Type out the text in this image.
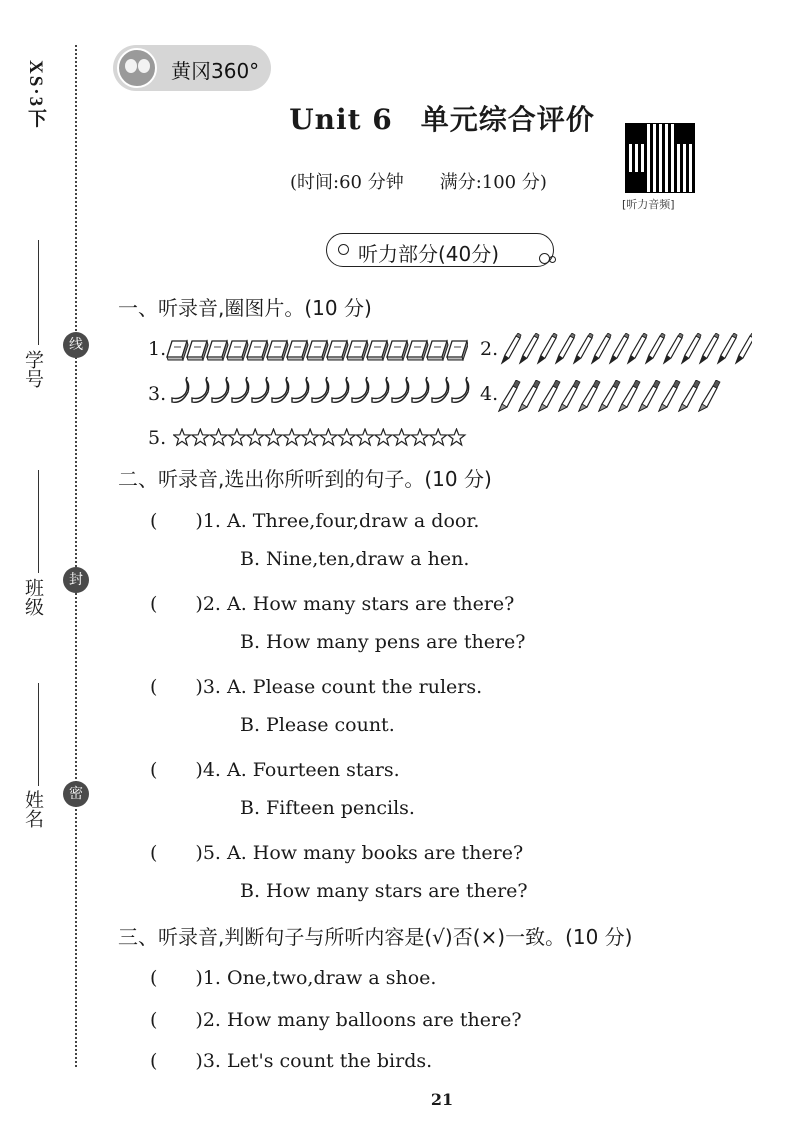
XS·3下
学号
班级
姓名
线
封
密
黄冈360°
Unit 6 单元综合评价
(时间:60 分钟　　满分:100 分)
[听力音频]
听力部分(40分)
一、听录音,圈图片。(10 分)
1.	2.
3.	4.
5.
二、听录音,选出你所听到的句子。(10 分)
(　　)1. A. Three,four,draw a door.
B. Nine,ten,draw a hen.
(　　)2. A. How many stars are there?
B. How many pens are there?
(　　)3. A. Please count the rulers.
B. Please count.
(　　)4. A. Fourteen stars.
B. Fifteen pencils.
(　　)5. A. How many books are there?
B. How many stars are there?
三、听录音,判断句子与所听内容是(√)否(×)一致。(10 分)
(　　)1. One,two,draw a shoe.
(　　)2. How many balloons are there?
(　　)3. Let's count the birds.
21
